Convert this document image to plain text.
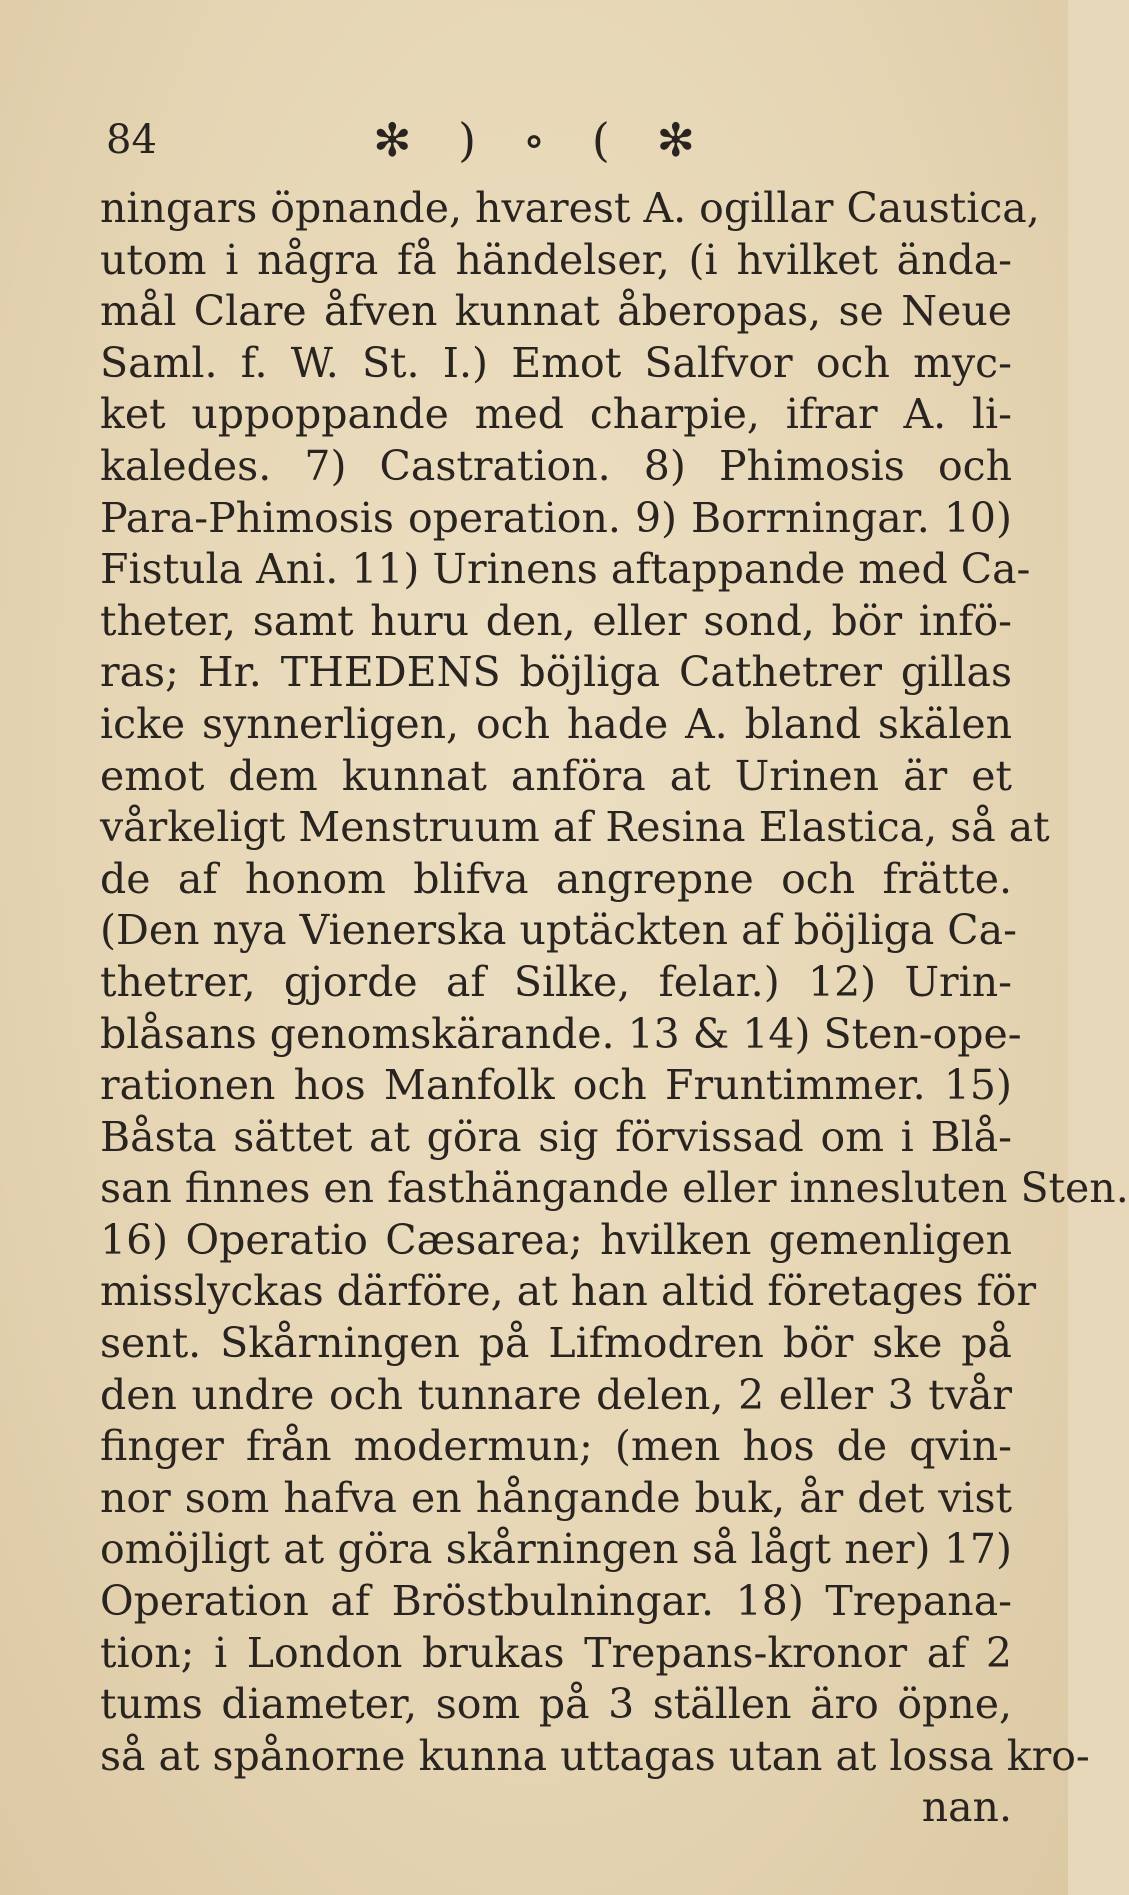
84	✻ ) ∘ ( ✻
ningars öpnande, hvarest A. ogillar Caustica,
utom i några få händelser, (i hvilket ända-
mål Clare åfven kunnat åberopas, se Neue
Saml. f. W. St. I.) Emot Salfvor och myc-
ket uppoppande med charpie, ifrar A. li-
kaledes. 7) Castration. 8) Phimosis och
Para-Phimosis operation. 9) Borrningar. 10)
Fistula Ani. 11) Urinens aftappande med Ca-
theter, samt huru den, eller sond, bör infö-
ras; Hr. THEDENS böjliga Cathetrer gillas
icke synnerligen, och hade A. bland skälen
emot dem kunnat anföra at Urinen är et
vårkeligt Menstruum af Resina Elastica, så at
de af honom blifva angrepne och frätte.
(Den nya Vienerska uptäckten af böjliga Ca-
thetrer, gjorde af Silke, felar.) 12) Urin-
blåsans genomskärande. 13 & 14) Sten-ope-
rationen hos Manfolk och Fruntimmer. 15)
Båsta sättet at göra sig förvissad om i Blå-
san finnes en fasthängande eller innesluten Sten.
16) Operatio Cæsarea; hvilken gemenligen
misslyckas därföre, at han altid företages för
sent. Skårningen på Lifmodren bör ske på
den undre och tunnare delen, 2 eller 3 tvår
finger från modermun; (men hos de qvin-
nor som hafva en hångande buk, år det vist
omöjligt at göra skårningen så lågt ner) 17)
Operation af Bröstbulningar. 18) Trepana-
tion; i London brukas Trepans-kronor af 2
tums diameter, som på 3 ställen äro öpne,
så at spånorne kunna uttagas utan at lossa kro-
nan.
